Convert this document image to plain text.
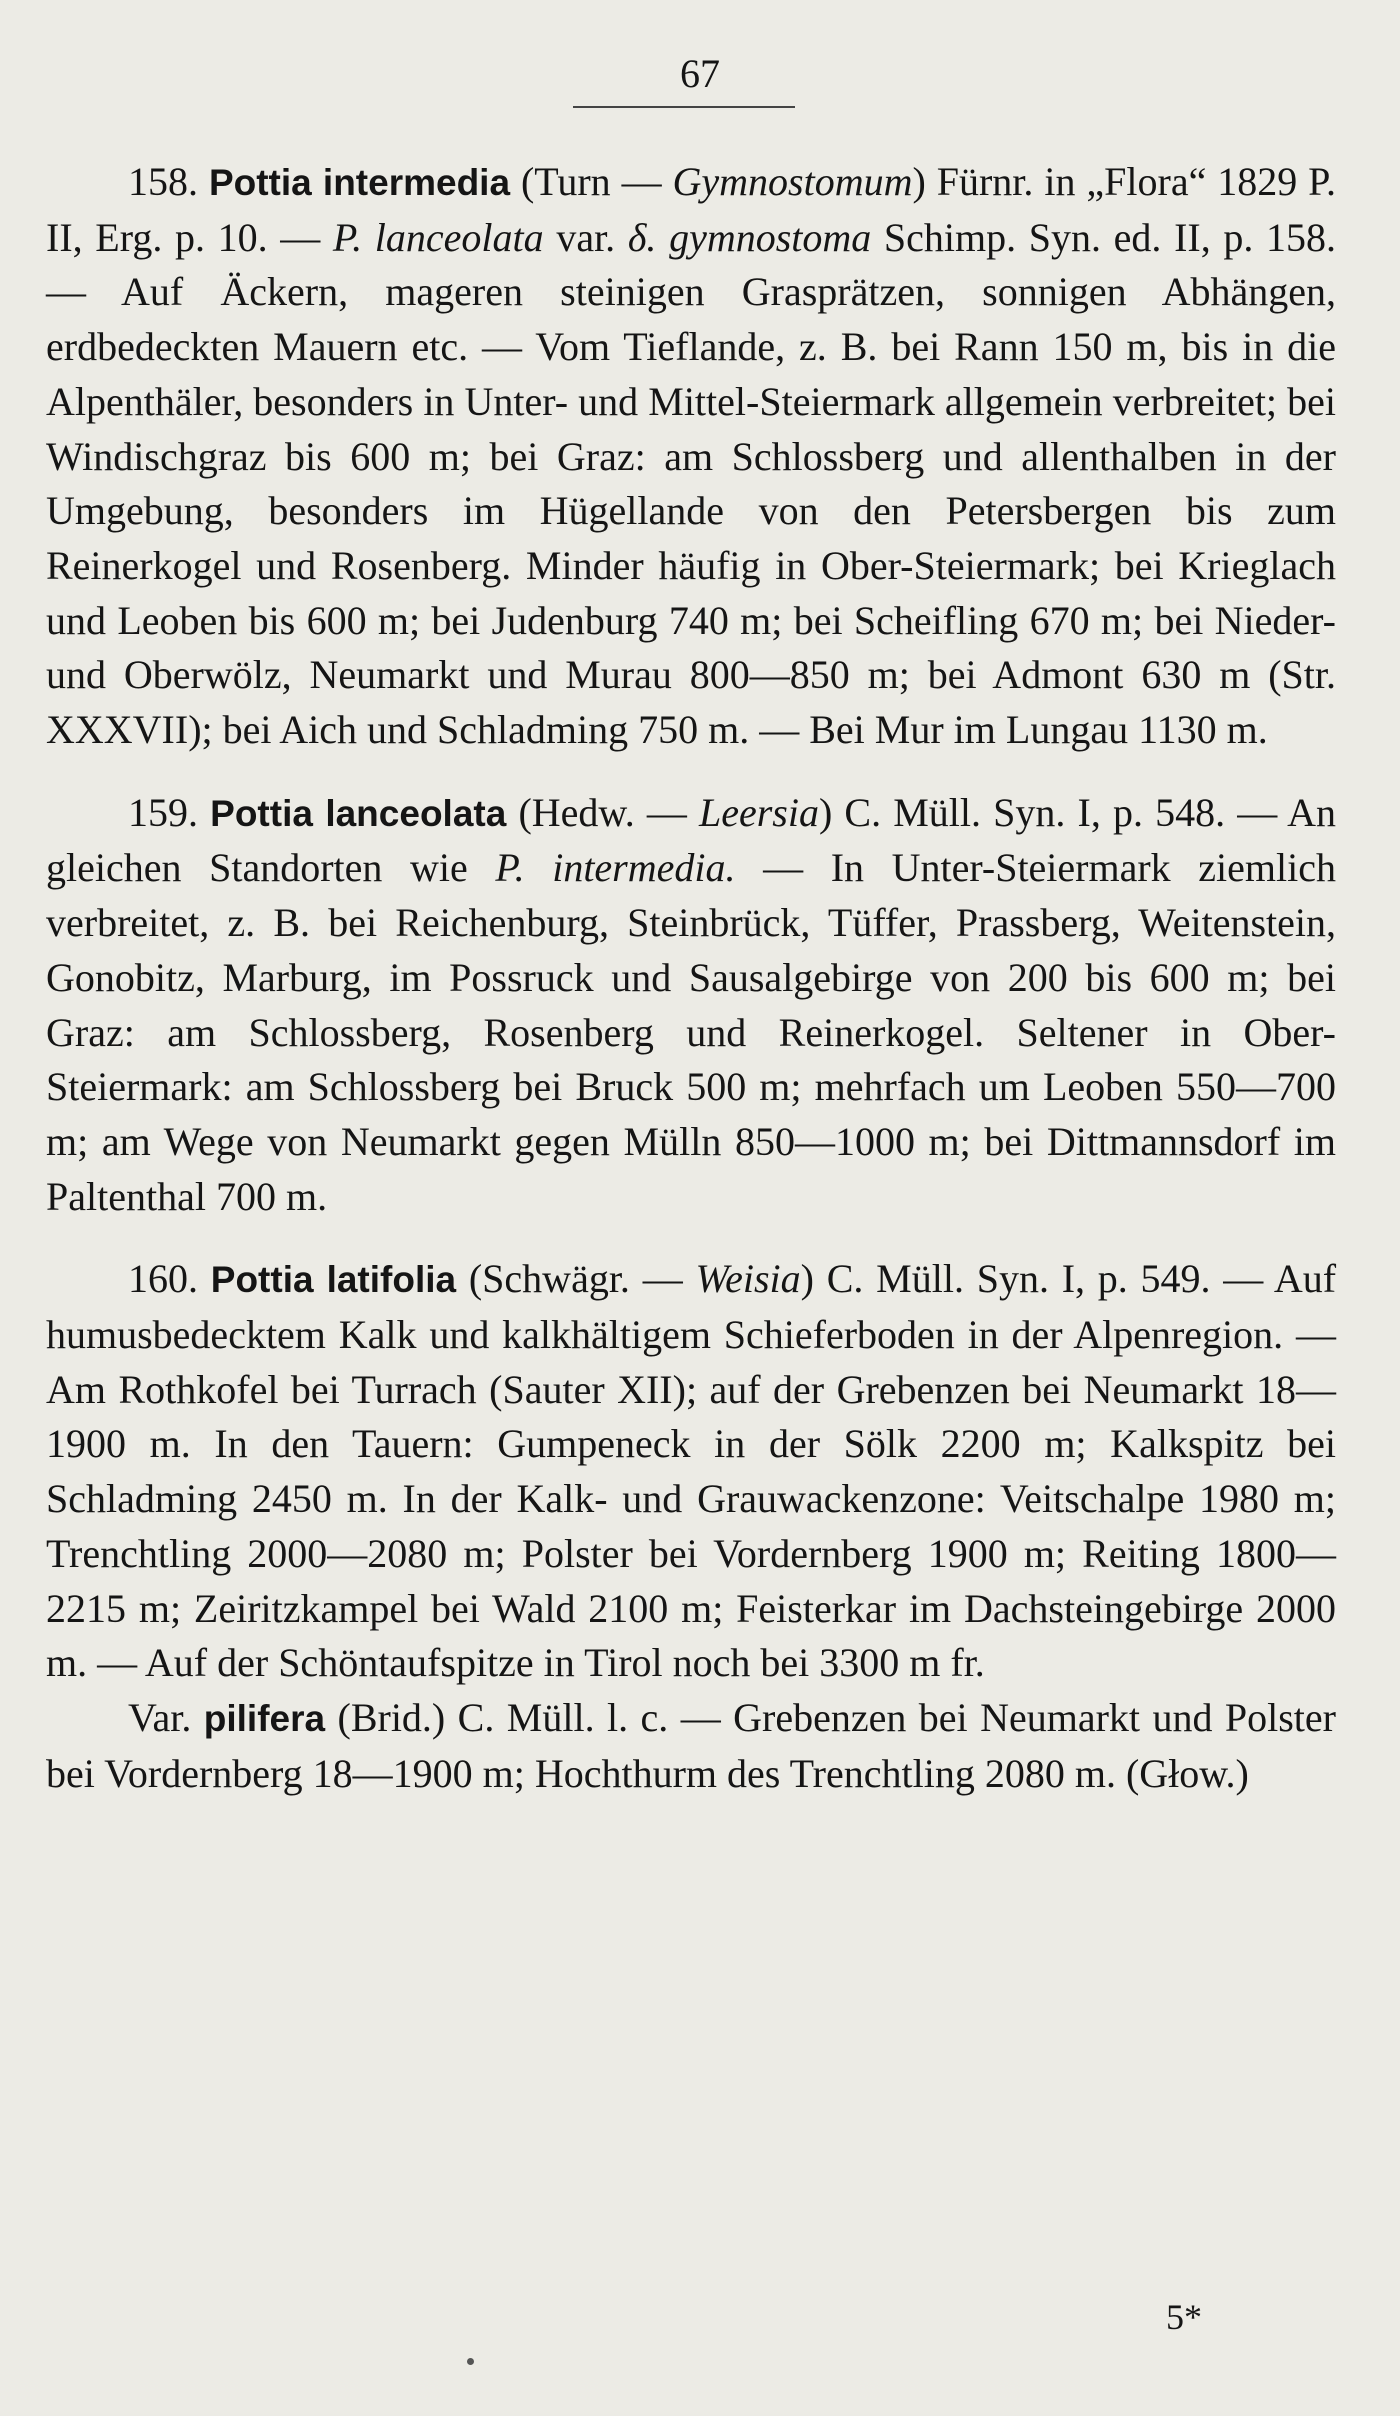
67

158. Pottia intermedia (Turn — Gymnostomum) Fürnr. in „Flora“ 1829 P. II, Erg. p. 10. — P. lanceolata var. δ. gymnostoma Schimp. Syn. ed. II, p. 158. — Auf Äckern, mageren steinigen Grasprätzen, sonnigen Abhängen, erdbedeckten Mauern etc. — Vom Tieflande, z. B. bei Rann 150 m, bis in die Alpenthäler, besonders in Unter- und Mittel-Steiermark allgemein verbreitet; bei Windischgraz bis 600 m; bei Graz: am Schlossberg und allenthalben in der Umgebung, besonders im Hügellande von den Petersbergen bis zum Reinerkogel und Rosenberg. Minder häufig in Ober-Steiermark; bei Krieglach und Leoben bis 600 m; bei Judenburg 740 m; bei Scheifling 670 m; bei Nieder- und Oberwölz, Neumarkt und Murau 800—850 m; bei Admont 630 m (Str. XXXVII); bei Aich und Schladming 750 m. — Bei Mur im Lungau 1130 m.

159. Pottia lanceolata (Hedw. — Leersia) C. Müll. Syn. I, p. 548. — An gleichen Standorten wie P. intermedia. — In Unter-Steiermark ziemlich verbreitet, z. B. bei Reichenburg, Steinbrück, Tüffer, Prassberg, Weitenstein, Gonobitz, Marburg, im Possruck und Sausalgebirge von 200 bis 600 m; bei Graz: am Schlossberg, Rosenberg und Reinerkogel. Seltener in Ober-Steiermark: am Schlossberg bei Bruck 500 m; mehrfach um Leoben 550—700 m; am Wege von Neumarkt gegen Mülln 850—1000 m; bei Dittmannsdorf im Paltenthal 700 m.

160. Pottia latifolia (Schwägr. — Weisia) C. Müll. Syn. I, p. 549. — Auf humusbedecktem Kalk und kalkhältigem Schieferboden in der Alpenregion. — Am Rothkofel bei Turrach (Sauter XII); auf der Grebenzen bei Neumarkt 18—1900 m. In den Tauern: Gumpeneck in der Sölk 2200 m; Kalkspitz bei Schladming 2450 m. In der Kalk- und Grauwackenzone: Veitschalpe 1980 m; Trenchtling 2000—2080 m; Polster bei Vordernberg 1900 m; Reiting 1800—2215 m; Zeiritzkampel bei Wald 2100 m; Feisterkar im Dachsteingebirge 2000 m. — Auf der Schöntaufspitze in Tirol noch bei 3300 m fr.

Var. pilifera (Brid.) C. Müll. l. c. — Grebenzen bei Neumarkt und Polster bei Vordernberg 18—1900 m; Hochthurm des Trenchtling 2080 m. (Głow.)

5*
